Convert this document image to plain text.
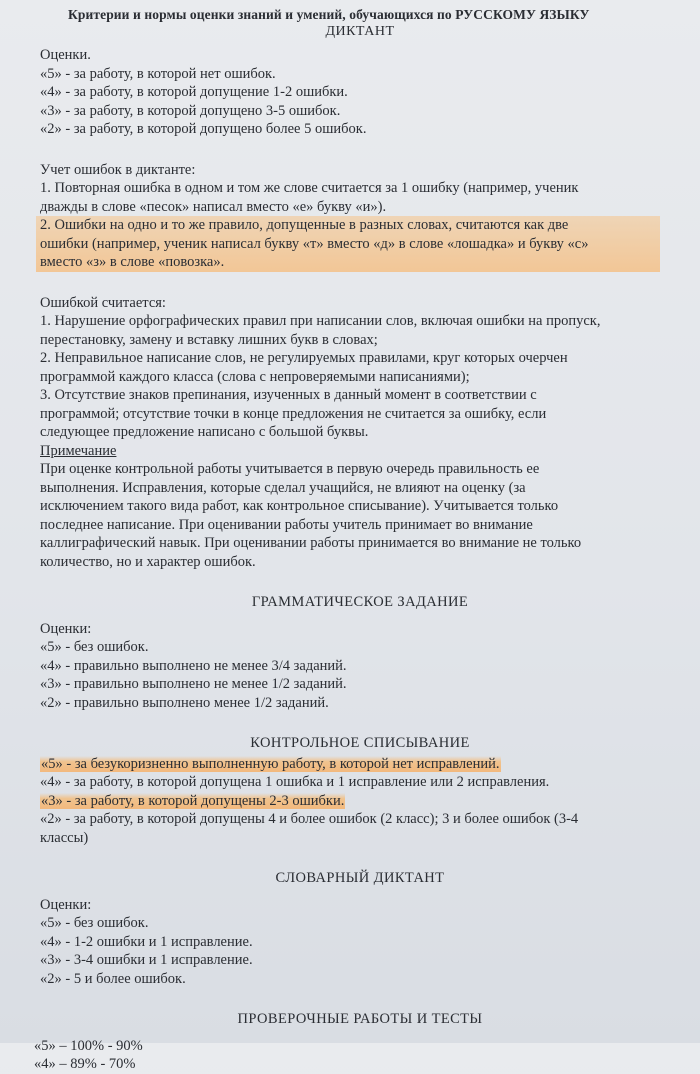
Критерии и нормы оценки знаний и умений, обучающихся по РУССКОМУ ЯЗЫКУ

ДИКТАНТ

Оценки.

«5» - за работу, в которой нет ошибок.

«4» - за работу, в которой допущение 1-2 ошибки.

«3» - за работу, в которой допущено 3-5 ошибок.

«2» - за работу, в которой допущено более 5 ошибок.

Учет ошибок в диктанте:

1. Повторная ошибка в одном и том же слове считается за 1 ошибку (например, ученик

дважды в слове «песок» написал вместо «е» букву «и»).

2. Ошибки на одно и то же правило, допущенные в разных словах, считаются как две

ошибки (например, ученик написал букву «т» вместо «д» в слове «лошадка» и букву «с»

вместо «з» в слове «повозка».

Ошибкой считается:

1. Нарушение орфографических правил при написании слов, включая ошибки на пропуск,

перестановку, замену и вставку лишних букв в словах;

2. Неправильное написание слов, не регулируемых правилами, круг которых очерчен

программой каждого класса (слова с непроверяемыми написаниями);

3. Отсутствие знаков препинания, изученных в данный момент в соответствии с

программой; отсутствие точки в конце предложения не считается за ошибку, если

следующее предложение написано с большой буквы.

Примечание

При оценке контрольной работы учитывается в первую очередь правильность ее

выполнения. Исправления, которые сделал учащийся, не влияют на оценку (за

исключением такого вида работ, как контрольное списывание). Учитывается только

последнее написание. При оценивании работы учитель принимает во внимание

каллиграфический навык. При оценивании работы принимается во внимание не только

количество, но и характер ошибок.

ГРАММАТИЧЕСКОЕ ЗАДАНИЕ

Оценки:

«5» - без ошибок.

«4» - правильно выполнено не менее 3/4 заданий.

«3» - правильно выполнено не менее 1/2 заданий.

«2» - правильно выполнено менее 1/2 заданий.

КОНТРОЛЬНОЕ СПИСЫВАНИЕ

«5» - за безукоризненно выполненную работу, в которой нет исправлений.

«4» - за работу, в которой допущена 1 ошибка и 1 исправление или 2 исправления.

«3» - за работу, в которой допущены 2-3 ошибки.

«2» - за работу, в которой допущены 4 и более ошибок (2 класс); 3 и более ошибок (3-4

классы)

СЛОВАРНЫЙ ДИКТАНТ

Оценки:

«5» - без ошибок.

«4» - 1-2 ошибки и 1 исправление.

«3» - 3-4 ошибки и 1 исправление.

«2» - 5 и более ошибок.

ПРОВЕРОЧНЫЕ РАБОТЫ И ТЕСТЫ

«5» – 100% - 90%

«4» – 89% - 70%
